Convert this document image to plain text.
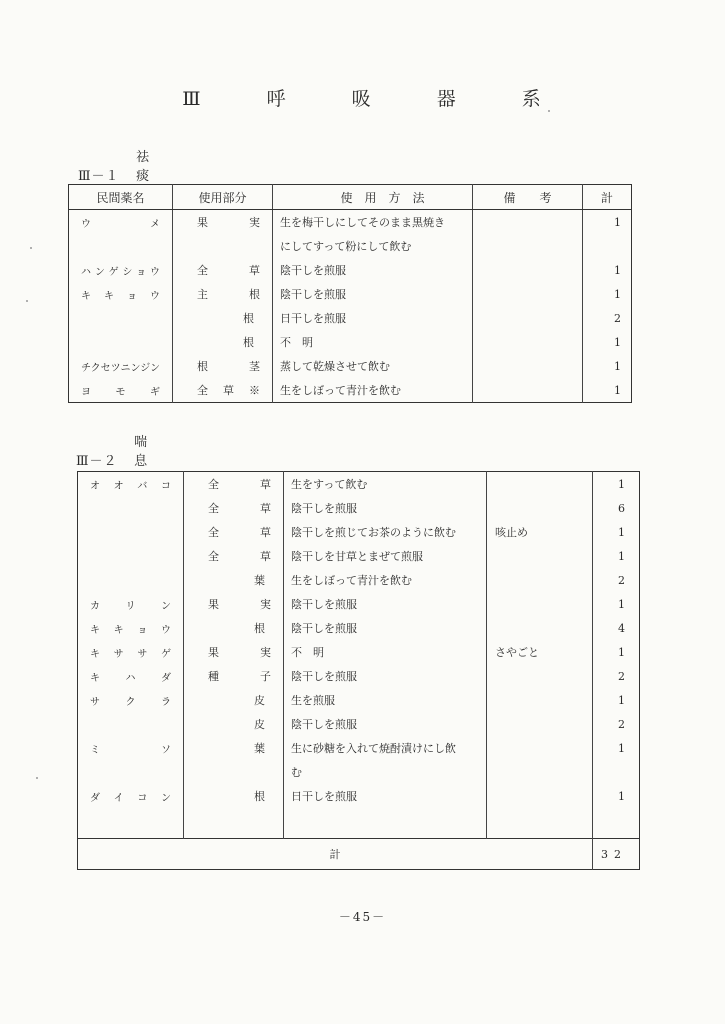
Ⅲ 呼 吸 器 系
Ⅲ－１    祛痰
民間薬名	使用部分	使　用　方　法	備　　考	計
ウ　メ	果　実	生を梅干しにしてそのまま黒焼き		1
		にしてすって粉にして飲む		
ハンゲショウ	全　草	陰干しを煎服		1
キ キ ョ ウ	主　根	陰干しを煎服		1
	根	日干しを煎服		2
	根	不　明		1
チクセツニンジン	根　茎	蒸して乾燥させて飲む		1
ヨ モ ギ	全 草 ※	生をしぼって青汁を飲む		1
Ⅲ－２    喘息
オ オ バ コ	全　草	生をすって飲む		1
	全　草	陰干しを煎服		6
	全　草	陰干しを煎じてお茶のように飲む	咳止め	1
	全　草	陰干しを甘草とまぜて煎服		1
	葉	生をしぼって青汁を飲む		2
カ リ ン	果　実	陰干しを煎服		1
キ キ ョ ウ	根	陰干しを煎服		4
キ サ サ ゲ	果　実	不　明	さやごと	1
キ ハ ダ	種　子	陰干しを煎服		2
サ ク ラ	皮	生を煎服		1
	皮	陰干しを煎服		2
ミ ソ	葉	生に砂糖を入れて焼酎漬けにし飲		1
		む		
ダ イ コ ン	根	日干しを煎服		1

計				32
－45－
